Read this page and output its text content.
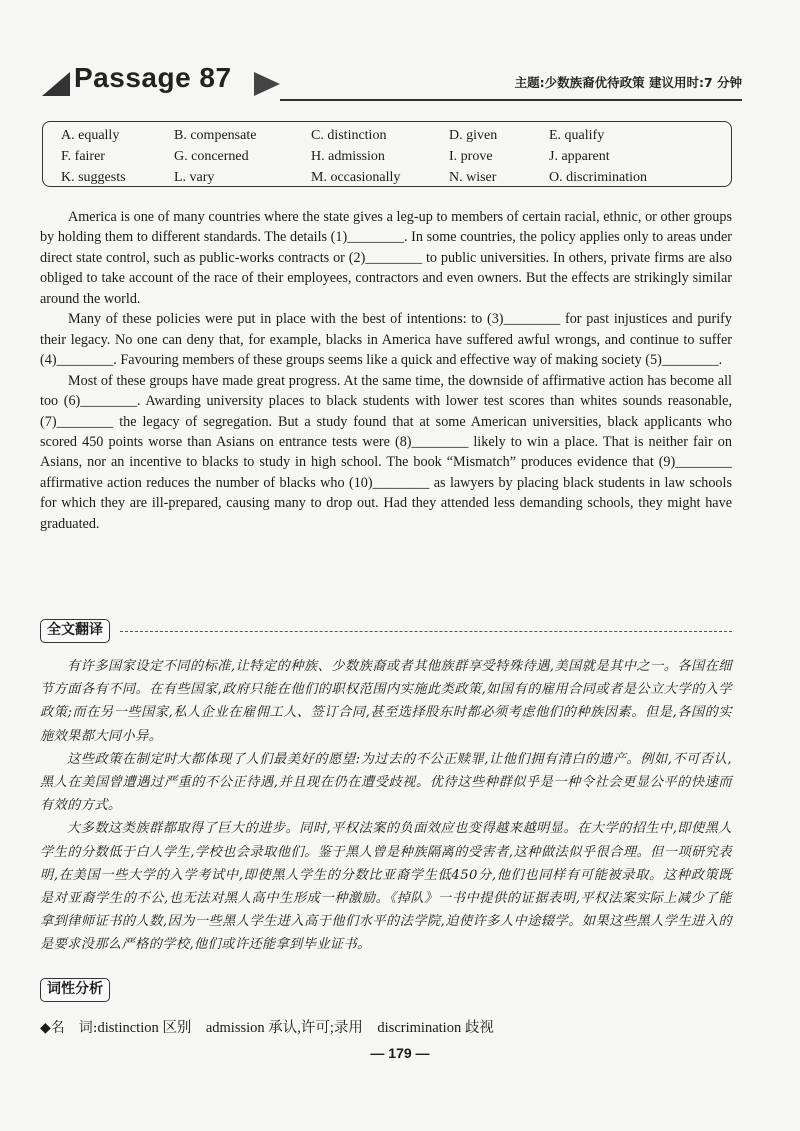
Passage 87	主题:少数族裔优待政策 建议用时:7 分钟
A. equally	B. compensate	C. distinction	D. given	E. qualify
F. fairer	G. concerned	H. admission	I. prove	J. apparent
K. suggests	L. vary	M. occasionally	N. wiser	O. discrimination

America is one of many countries where the state gives a leg-up to members of certain racial, ethnic, or other groups by holding them to different standards. The details (1)________. In some countries, the policy applies only to areas under direct state control, such as public-works contracts or (2)________ to public universities. In others, private firms are also obliged to take account of the race of their employees, contractors and even owners. But the effects are strikingly similar around the world.

Many of these policies were put in place with the best of intentions: to (3)________ for past injustices and purify their legacy. No one can deny that, for example, blacks in America have suffered awful wrongs, and continue to suffer (4)________. Favouring members of these groups seems like a quick and effective way of making society (5)________.

Most of these groups have made great progress. At the same time, the downside of affirmative action has become all too (6)________. Awarding university places to black students with lower test scores than whites sounds reasonable, (7)________ the legacy of segregation. But a study found that at some American universities, black applicants who scored 450 points worse than Asians on entrance tests were (8)________ likely to win a place. That is neither fair on Asians, nor an incentive to blacks to study in high school. The book “Mismatch” produces evidence that (9)________ affirmative action reduces the number of blacks who (10)________ as lawyers by placing black students in law schools for which they are ill-prepared, causing many to drop out. Had they attended less demanding schools, they might have graduated.

全文翻译

有许多国家设定不同的标准,让特定的种族、少数族裔或者其他族群享受特殊待遇,美国就是其中之一。各国在细节方面各有不同。在有些国家,政府只能在他们的职权范围内实施此类政策,如国有的雇用合同或者是公立大学的入学政策;而在另一些国家,私人企业在雇佣工人、签订合同,甚至选择股东时都必须考虑他们的种族因素。但是,各国的实施效果都大同小异。

这些政策在制定时大都体现了人们最美好的愿望:为过去的不公正赎罪,让他们拥有清白的遗产。例如,不可否认,黑人在美国曾遭遇过严重的不公正待遇,并且现在仍在遭受歧视。优待这些种群似乎是一种令社会更显公平的快速而有效的方式。

大多数这类族群都取得了巨大的进步。同时,平权法案的负面效应也变得越来越明显。在大学的招生中,即使黑人学生的分数低于白人学生,学校也会录取他们。鉴于黑人曾是种族隔离的受害者,这种做法似乎很合理。但一项研究表明,在美国一些大学的入学考试中,即使黑人学生的分数比亚裔学生低450分,他们也同样有可能被录取。这种政策既是对亚裔学生的不公,也无法对黑人高中生形成一种激励。《掉队》一书中提供的证据表明,平权法案实际上减少了能拿到律师证书的人数,因为一些黑人学生进入高于他们水平的法学院,迫使许多人中途辍学。如果这些黑人学生进入的是要求没那么严格的学校,他们或许还能拿到毕业证书。

词性分析
◆名　词:distinction 区别　admission 承认,许可;录用　discrimination 歧视
— 179 —
